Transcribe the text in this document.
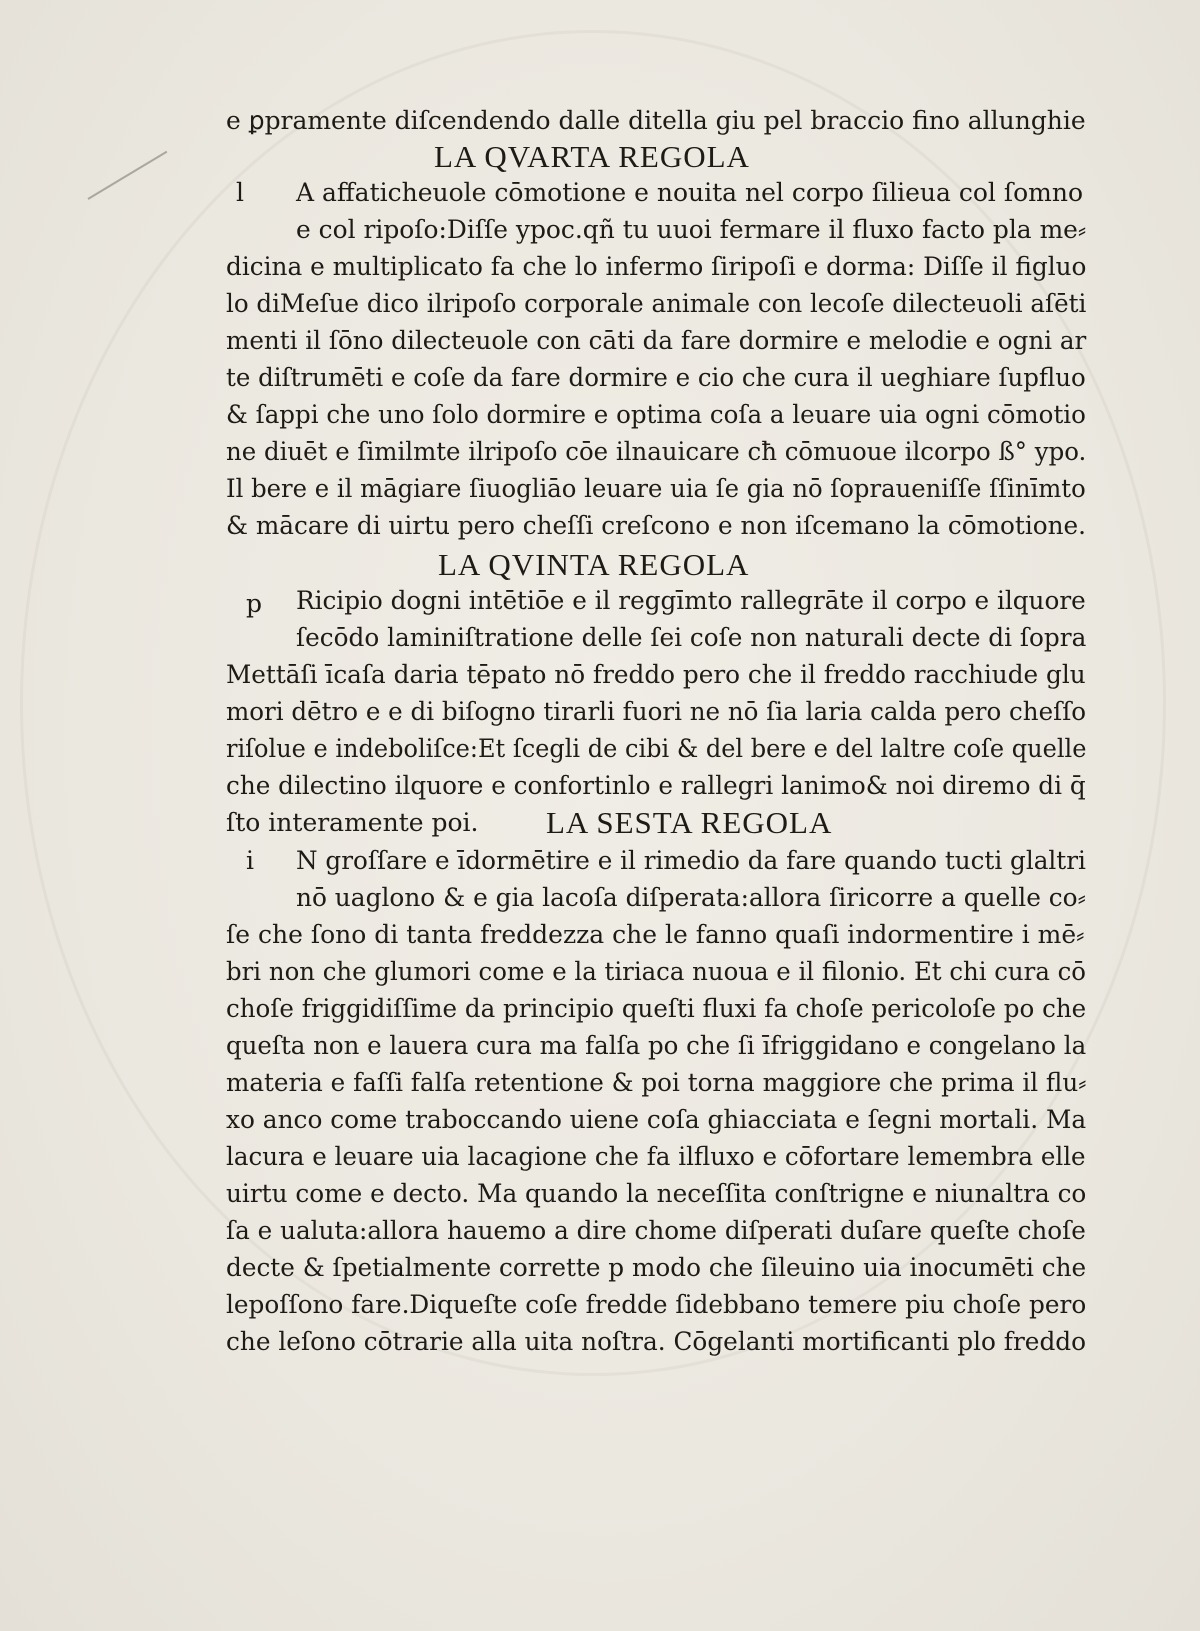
e ꝑpramente diſcendendo dalle ditella giu pel braccio fino allunghie
LA QVARTA REGOLA
l A affaticheuole cōmotione e nouita nel corpo ſilieua col ſomno
e col ripoſo:Diſſe ypoc.qñ tu uuoi fermare il fluxo facto pla me⸗
dicina e multiplicato fa che lo infermo ſiripoſi e dorma: Diſſe il figluo
lo diMeſue dico ilripoſo corporale animale con lecoſe dilecteuoli aſēti
menti il ſōno dilecteuole con cāti da fare dormire e melodie e ogni ar
te diſtrumēti e coſe da fare dormire e cio che cura il ueghiare ſupfluo
& ſappi che uno ſolo dormire e optima coſa a leuare uia ogni cōmotio
ne diuēt e ſimilmte ilripoſo cōe ilnauicare cħ cōmuoue ilcorpo ß° ypo.
Il bere e il māgiare ſiuogliāo leuare uia ſe gia nō ſopraueniſſe ſſinīmto
& mācare di uirtu pero cheſſi creſcono e non iſcemano la cōmotione.
LA QVINTA REGOLA
p Ricipio dogni intētiōe e il reggīmto rallegrāte il corpo e ilquore
ſecōdo laminiſtratione delle ſei coſe non naturali decte di ſopra
Mettāſi īcaſa daria tēpato nō freddo pero che il freddo racchiude glu
mori dētro e e di biſogno tirarli fuori ne nō ſia laria calda pero cheſſo
riſolue e indeboliſce:Et ſcegli de cibi & del bere e del laltre coſe quelle
che dilectino ilquore e confortinlo e rallegri lanimo& noi diremo di q̄
ſto interamente poi. LA SESTA REGOLA
i N groſſare e īdormētire e il rimedio da fare quando tucti glaltri
nō uaglono & e gia lacoſa diſperata:allora ſiricorre a quelle co⸗
ſe che ſono di tanta freddezza che le fanno quaſi indormentire i mē⸗
bri non che glumori come e la tiriaca nuoua e il filonio. Et chi cura cō
choſe friggidiſſime da principio queſti fluxi fa choſe pericoloſe po che
queſta non e lauera cura ma falſa po che ſi īfriggidano e congelano la
materia e faſſi falſa retentione & poi torna maggiore che prima il flu⸗
xo anco come traboccando uiene coſa ghiacciata e ſegni mortali. Ma
lacura e leuare uia lacagione che fa ilfluxo e cōfortare lemembra elle
uirtu come e decto. Ma quando la neceſſita conſtrigne e niunaltra co
ſa e ualuta:allora hauemo a dire chome diſperati duſare queſte choſe
decte & ſpetialmente corrette p modo che ſileuino uia inocumēti che
lepoſſono fare.Diqueſte coſe fredde ſidebbano temere piu choſe pero
che leſono cōtrarie alla uita noſtra. Cōgelanti mortificanti plo freddo
